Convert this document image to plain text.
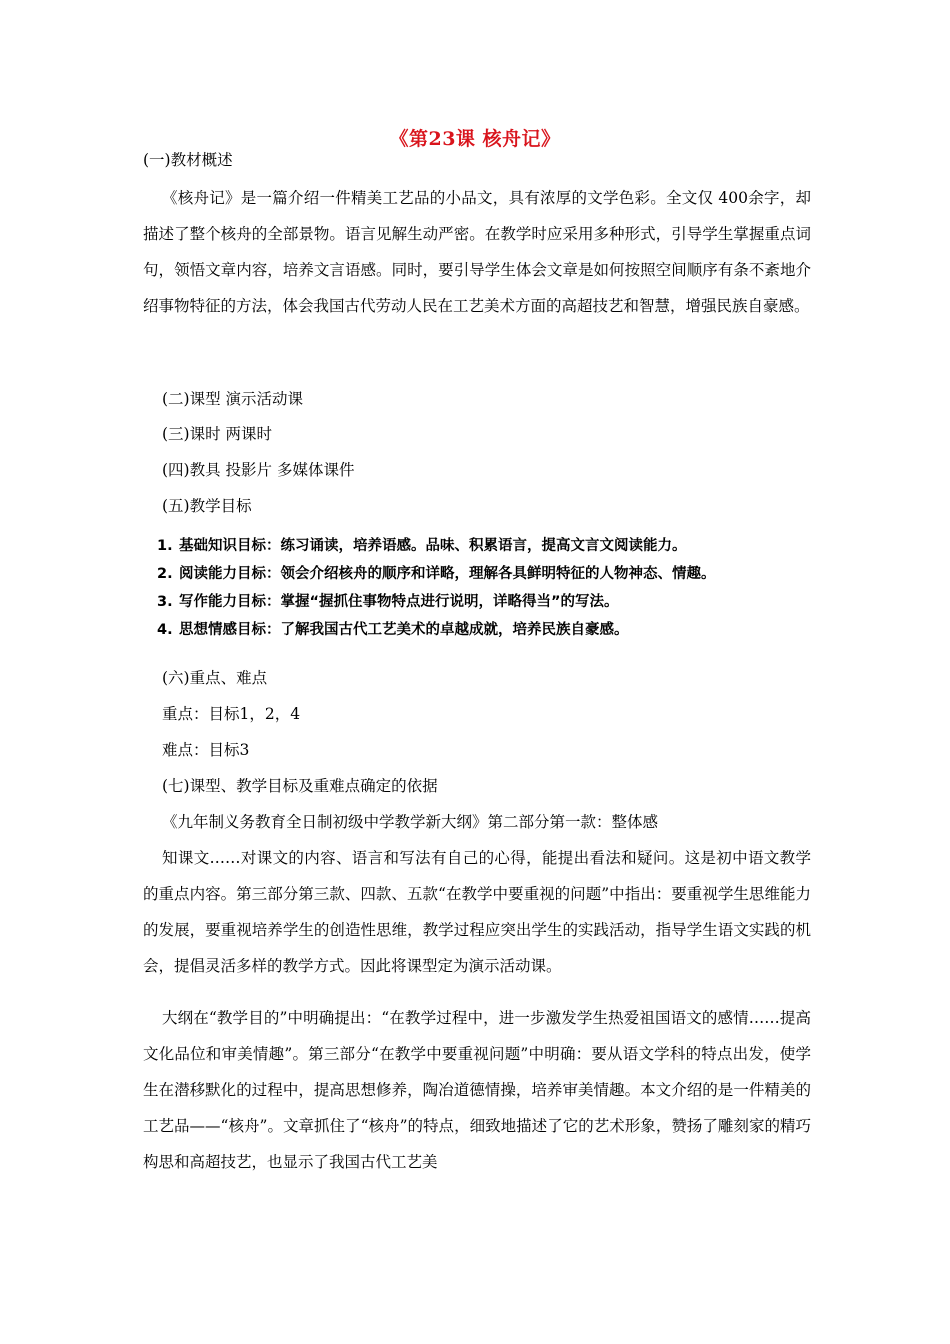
《第23课 核舟记》
(一)教材概述
《核舟记》是一篇介绍一件精美工艺品的小品文，具有浓厚的文学色彩。全文仅 400余字，却描述了整个核舟的全部景物。语言见解生动严密。在教学时应采用多种形式，引导学生掌握重点词句，领悟文章内容，培养文言语感。同时，要引导学生体会文章是如何按照空间顺序有条不紊地介绍事物特征的方法，体会我国古代劳动人民在工艺美术方面的高超技艺和智慧，增强民族自豪感。
(二)课型 演示活动课
(三)课时 两课时
(四)教具 投影片 多媒体课件
(五)教学目标
1. 基础知识目标：练习诵读，培养语感。品味、积累语言，提高文言文阅读能力。
2. 阅读能力目标：领会介绍核舟的顺序和详略，理解各具鲜明特征的人物神态、情趣。
3. 写作能力目标：掌握“握抓住事物特点进行说明，详略得当”的写法。
4. 思想情感目标：了解我国古代工艺美术的卓越成就，培养民族自豪感。
(六)重点、难点
重点：目标1，2，4
难点：目标3
(七)课型、教学目标及重难点确定的依据
《九年制义务教育全日制初级中学教学新大纲》第二部分第一款：整体感
知课文……对课文的内容、语言和写法有自己的心得，能提出看法和疑问。这是初中语文教学的重点内容。第三部分第三款、四款、五款“在教学中要重视的问题”中指出：要重视学生思维能力的发展，要重视培养学生的创造性思维，教学过程应突出学生的实践活动，指导学生语文实践的机会，提倡灵活多样的教学方式。因此将课型定为演示活动课。
大纲在“教学目的”中明确提出：“在教学过程中，进一步激发学生热爱祖国语文的感情……提高文化品位和审美情趣”。第三部分“在教学中要重视问题”中明确：要从语文学科的特点出发，使学生在潜移默化的过程中，提高思想修养，陶冶道德情操，培养审美情趣。本文介绍的是一件精美的工艺品——“核舟”。文章抓住了“核舟”的特点，细致地描述了它的艺术形象，赞扬了雕刻家的精巧构思和高超技艺，也显示了我国古代工艺美
